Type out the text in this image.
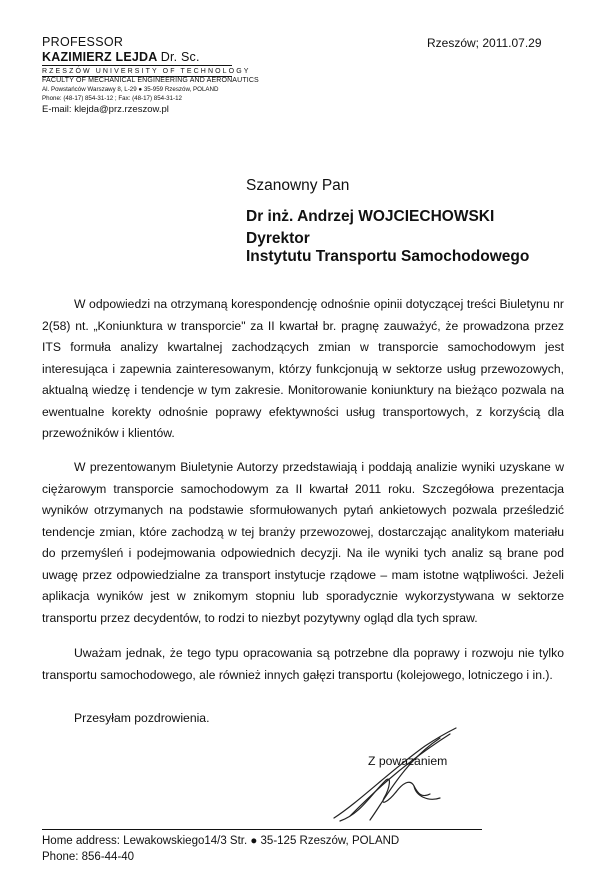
PROFESSOR
KAZIMIERZ LEJDA Dr. Sc.
RZESZÓW UNIVERSITY OF TECHNOLOGY
FACULTY OF MECHANICAL ENGINEERING AND AERONAUTICS
Al. Powstańców Warszawy 8, L-29 ● 35-959 Rzeszów, POLAND
Phone: (48-17) 854-31-12 ; Fax: (48-17) 854-31-12
E-mail: klejda@prz.rzeszow.pl
Rzeszów; 2011.07.29
Szanowny Pan
Dr inż. Andrzej WOJCIECHOWSKI
Dyrektor
Instytutu Transportu Samochodowego

W odpowiedzi na otrzymaną korespondencję odnośnie opinii dotyczącej treści Biuletynu nr 2(58) nt. „Koniunktura w transporcie" za II kwartał br. pragnę zauważyć, że prowadzona przez ITS formuła analizy kwartalnej zachodzących zmian w transporcie samochodowym jest interesująca i zapewnia zainteresowanym, którzy funkcjonują w sektorze usług przewozowych, aktualną wiedzę i tendencje w tym zakresie. Monitorowanie koniunktury na bieżąco pozwala na ewentualne korekty odnośnie poprawy efektywności usług transportowych, z korzyścią dla przewoźników i klientów.

W prezentowanym Biuletynie Autorzy przedstawiają i poddają analizie wyniki uzyskane w ciężarowym transporcie samochodowym za II kwartał 2011 roku. Szczegółowa prezentacja wyników otrzymanych na podstawie sformułowanych pytań ankietowych pozwala prześledzić tendencje zmian, które zachodzą w tej branży przewozowej, dostarczając analitykom materiału do przemyśleń i podejmowania odpowiednich decyzji. Na ile wyniki tych analiz są brane pod uwagę przez odpowiedzialne za transport instytucje rządowe – mam istotne wątpliwości. Jeżeli aplikacja wyników jest w znikomym stopniu lub sporadycznie wykorzystywana w sektorze transportu przez decydentów, to rodzi to niezbyt pozytywny ogląd dla tych spraw.

Uważam jednak, że tego typu opracowania są potrzebne dla poprawy i rozwoju nie tylko transportu samochodowego, ale również innych gałęzi transportu (kolejowego, lotniczego i in.).

Przesyłam pozdrowienia.

Z poważaniem
Home address: Lewakowskiego14/3 Str. ● 35-125 Rzeszów, POLAND
Phone: 856-44-40
